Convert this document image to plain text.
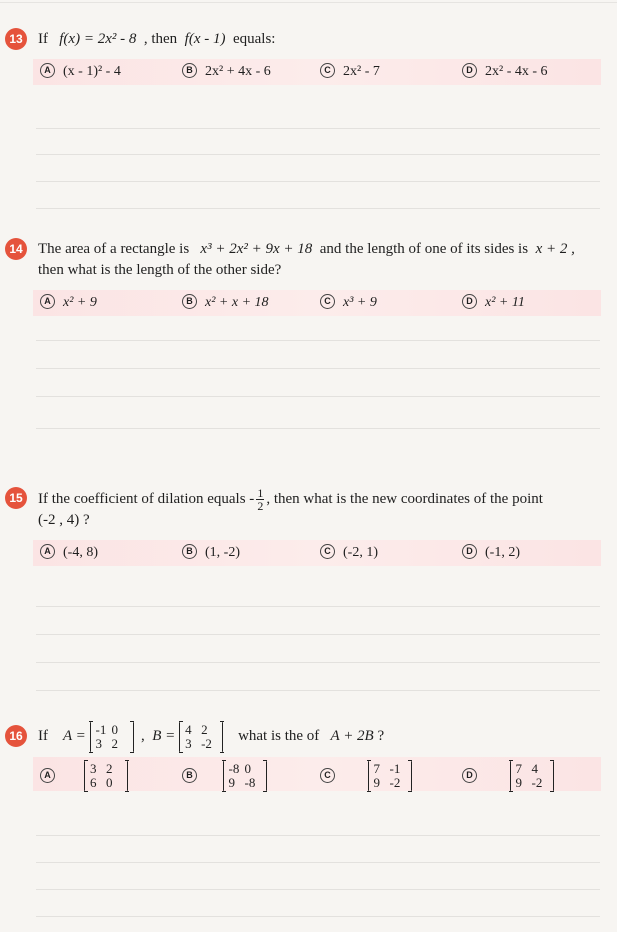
13 If f(x) = 2x² - 8 , then f(x - 1) equals:
A (x - 1)² - 4	B 2x² + 4x - 6	C 2x² - 7	D 2x² - 4x - 6
14 The area of a rectangle is x³ + 2x² + 9x + 18 and the length of one of its sides is x + 2 ,
then what is the length of the other side?
A x² + 9	B x² + x + 18	C x³ + 9	D x² + 11
15 If the coefficient of dilation equals - $\frac{1}{2}$ , then what is the new coordinates of the point
(-2 , 4) ?
A (-4, 8)	B (1, -2)	C (-2, 1)	D (-1, 2)
16 If A = -1 0
3 2	, B = 4 2
3 -2	what is the of A + 2B ?
A	3 2
6 0
B	-8 0
9 -8
C	7 -1
9 -2
D	7 4
9 -2
